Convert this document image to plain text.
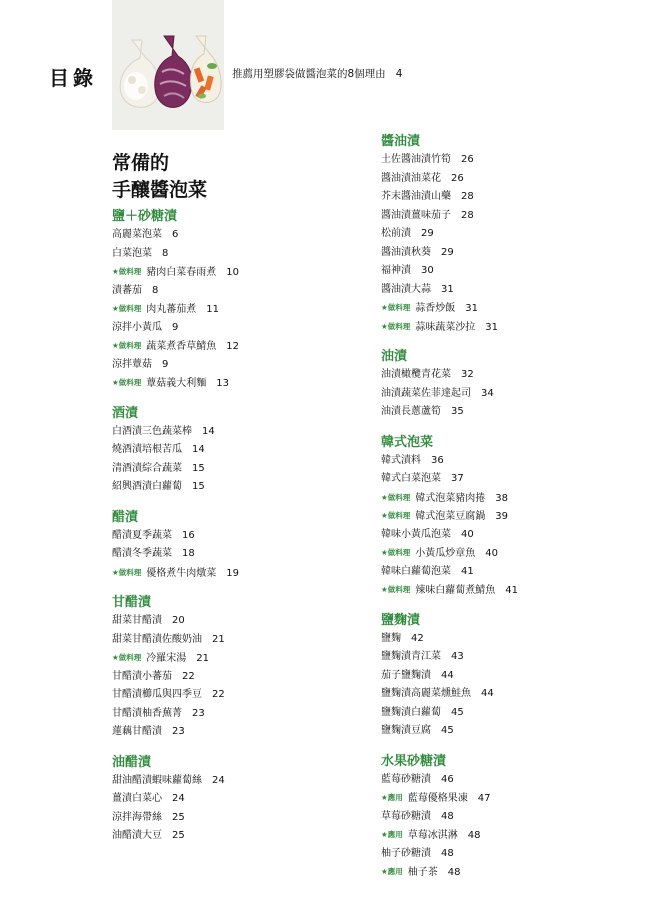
目錄	推薦用塑膠袋做醬泡菜的8個理由 4
常備的
手釀醬泡菜
鹽＋砂糖漬
高麗菜泡菜 6
白菜泡菜 8
★做料理 豬肉白菜春雨煮 10
漬蕃茄 8
★做料理 肉丸蕃茄煮 11
涼拌小黃瓜 9
★做料理 蔬菜煮香草鯖魚 12
涼拌蕈菇 9
★做料理 蕈菇義大利麵 13
酒漬
白酒漬三色蔬菜棒 14
燒酒漬培根苦瓜 14
清酒漬綜合蔬菜 15
紹興酒漬白蘿蔔 15
醋漬
醋漬夏季蔬菜 16
醋漬冬季蔬菜 18
★做料理 優格煮牛肉燉菜 19
甘醋漬
甜菜甘醋漬 20
甜菜甘醋漬佐酸奶油 21
★做料理 冷羅宋湯 21
甘醋漬小蕃茄 22
甘醋漬櫛瓜與四季豆 22
甘醋漬柚香蕪菁 23
蓮藕甘醋漬 23
油醋漬
甜油醋漬蝦味蘿蔔絲 24
薑漬白菜心 24
涼拌海帶絲 25
油醋漬大豆 25
醬油漬
土佐醬油漬竹筍 26
醬油漬油菜花 26
芥末醬油漬山藥 28
醬油漬薑味茄子 28
松前漬 29
醬油漬秋葵 29
福神漬 30
醬油漬大蒜 31
★做料理 蒜香炒飯 31
★做料理 蒜味蔬菜沙拉 31
油漬
油漬橄欖青花菜 32
油漬蔬菜佐菲達起司 34
油漬長蔥蘆筍 35
韓式泡菜
韓式漬料 36
韓式白菜泡菜 37
★做料理 韓式泡菜豬肉捲 38
★做料理 韓式泡菜豆腐鍋 39
韓味小黃瓜泡菜 40
★做料理 小黃瓜炒章魚 40
韓味白蘿蔔泡菜 41
★做料理 辣味白蘿蔔煮鯖魚 41
鹽麴漬
鹽麴 42
鹽麴漬青江菜 43
茄子鹽麴漬 44
鹽麴漬高麗菜燻鮭魚 44
鹽麴漬白蘿蔔 45
鹽麴漬豆腐 45
水果砂糖漬
藍莓砂糖漬 46
★應用 藍莓優格果凍 47
草莓砂糖漬 48
★應用 草莓冰淇淋 48
柚子砂糖漬 48
★應用 柚子茶 48
